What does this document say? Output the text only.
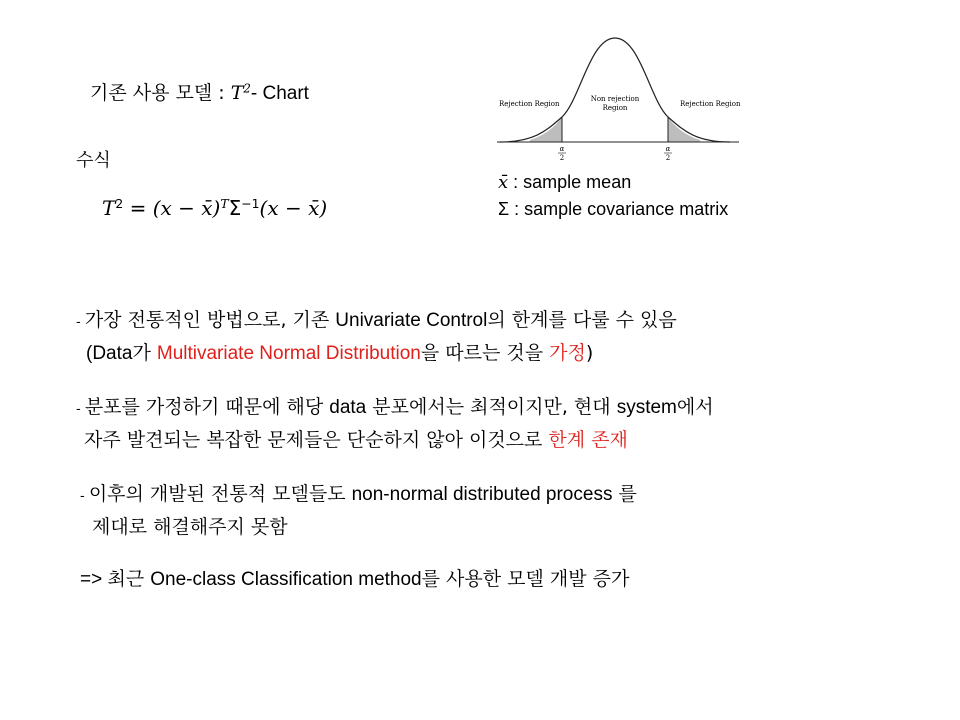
기존 사용 모델 : $T^2-$ Chart
수식
$T^2 = (x$ − $x̄)^T\Sigma^{-1}(x$ − x̄)
Non rejection
Region
Rejection Region	Rejection Region
α
2
α
2
x̄ : sample mean
Σ : sample covariance matrix
- 가장 전통적인 방법으로, 기존 Univariate Control의 한계를 다룰 수 있음
(Data가 Multivariate Normal Distribution을 따르는 것을 가정)
- 분포를 가정하기 때문에 해당 data 분포에서는 최적이지만, 현대 system에서
자주 발견되는 복잡한 문제들은 단순하지 않아 이것으로 한계 존재
- 이후의 개발된 전통적 모델들도 non-normal distributed process 를
제대로 해결해주지 못함
=> 최근 One-class Classification method를 사용한 모델 개발 증가
